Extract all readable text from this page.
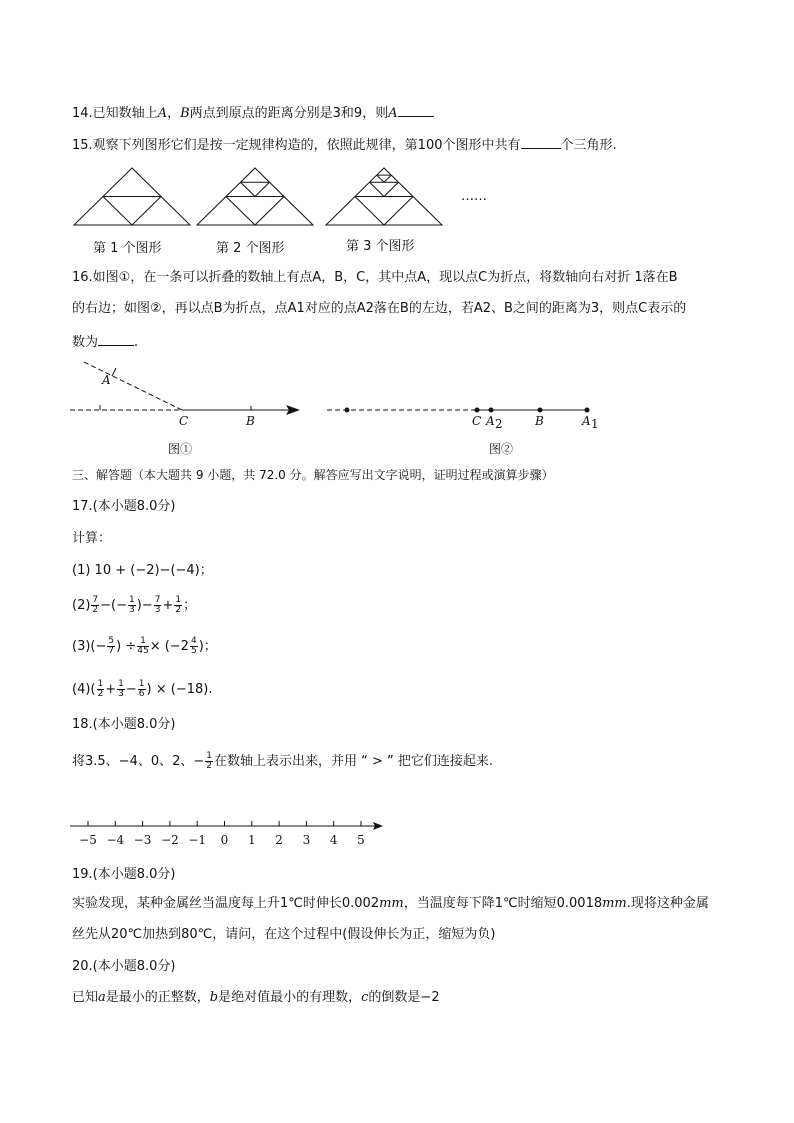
14.已知数轴上A，B两点到原点的距离分别是3和9，则A
15.观察下列图形它们是按一定规律构造的，依照此规律，第100个图形中共有	个三角形.
……
第 1 个图形	第 2 个图形	第 3 个图形
16.如图①，在一条可以折叠的数轴上有点A，B，C，其中点A，现以点C为折点，将数轴向右对折 1落在B
的右边；如图②，再以点B为折点，点A1对应的点A2落在B的左边，若A2、B之间的距离为3，则点C表示的
数为	.
A
C	B
图①
C A 2	B	A 1
图②
三、解答题（本大题共 9 小题，共 72.0 分。解答应写出文字说明，证明过程或演算步骤）
17.(本小题8.0分)
计算：
(1) 10 + (−2)−(−4)；
$(2) \frac{7}{2}$ −(− $\frac{1}{3}$ )− $\frac{7}{3} + \frac{1}{2}$ ；
$(3)(- \frac{5}{7}$ ) ÷ $\frac{1}{45} \times (-2 \frac{4}{5}$ )；
$(4)( \frac{1}{2} + \frac{1}{3} - \frac{1}{6}$ ) × (−18).
18.(本小题8.0分)
将3.5、−4、0、2、− $\frac{1}{2}$ 在数轴上表示出来，并用 “ > ” 把它们连接起来.
−5 −4 −3 −2 −1 0 1 2 3 4 5
19.(本小题8.0分)
实验发现，某种金属丝当温度每上升1℃时伸长0.002mm，当温度每下降1℃时缩短0.0018mm.现将这种金属
丝先从20℃加热到80℃，请问，在这个过程中(假设伸长为正，缩短为负)
20.(本小题8.0分)
已知a是最小的正整数，b是绝对值最小的有理数，c的倒数是−2
